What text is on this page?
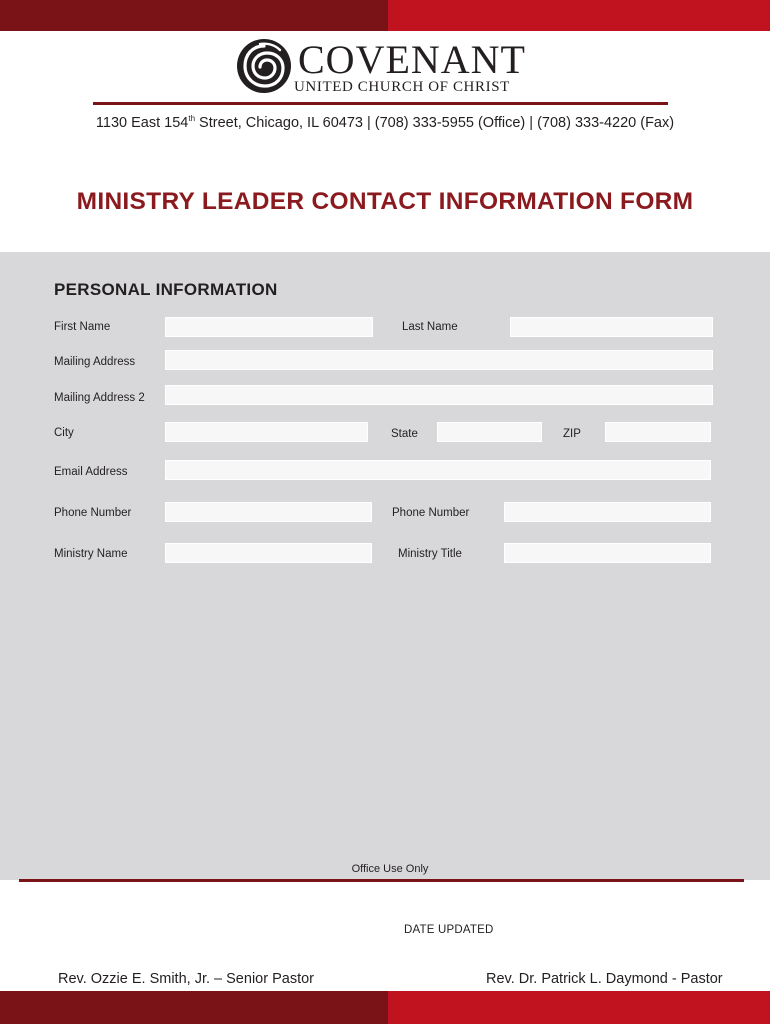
COVENANT
UNITED CHURCH OF CHRIST
1130 East 154th Street, Chicago, IL 60473 | (708) 333-5955 (Office) | (708) 333-4220 (Fax)
MINISTRY LEADER CONTACT INFORMATION FORM
PERSONAL INFORMATION
First Name	Last Name
Mailing Address
Mailing Address 2
City	State	ZIP
Email Address
Phone Number	Phone Number
Ministry Name	Ministry Title
Office Use Only
DATE UPDATED
Rev. Ozzie E. Smith, Jr. – Senior Pastor	Rev. Dr. Patrick L. Daymond - Pastor
